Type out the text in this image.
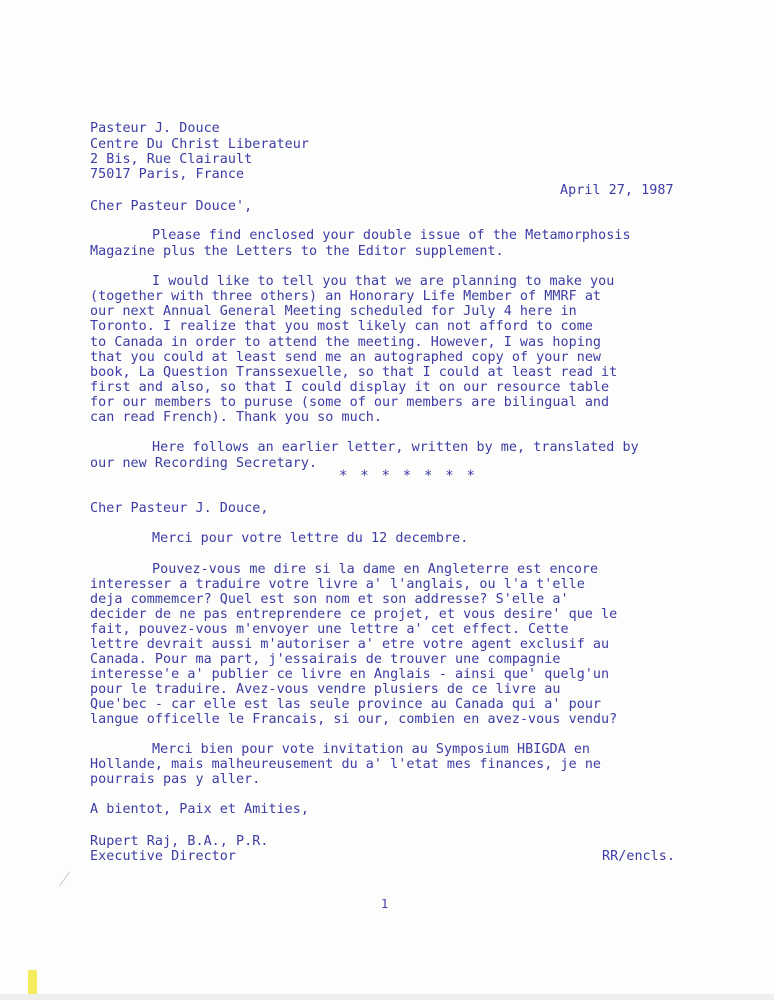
Pasteur J. Douce
Centre Du Christ Liberateur
2 Bis, Rue Clairault
75017 Paris, France
April 27, 1987
Cher Pasteur Douce',
Please find enclosed your double issue of the Metamorphosis
Magazine plus the Letters to the Editor supplement.
I would like to tell you that we are planning to make you
(together with three others) an Honorary Life Member of MMRF at
our next Annual General Meeting scheduled for July 4 here in
Toronto. I realize that you most likely can not afford to come
to Canada in order to attend the meeting. However, I was hoping
that you could at least send me an autographed copy of your new
book, La Question Transsexuelle, so that I could at least read it
first and also, so that I could display it on our resource table
for our members to puruse (some of our members are bilingual and
can read French). Thank you so much.
Here follows an earlier letter, written by me, translated by
our new Recording Secretary.
* * * * * * *
Cher Pasteur J. Douce,
Merci pour votre lettre du 12 decembre.
Pouvez-vous me dire si la dame en Angleterre est encore
interesser a traduire votre livre a' l'anglais, ou l'a t'elle
deja commemcer? Quel est son nom et son addresse? S'elle a'
decider de ne pas entreprendere ce projet, et vous desire' que le
fait, pouvez-vous m'envoyer une lettre a' cet effect. Cette
lettre devrait aussi m'autoriser a' etre votre agent exclusif au
Canada. Pour ma part, j'essairais de trouver une compagnie
interesse'e a' publier ce livre en Anglais - ainsi que' quelg'un
pour le traduire. Avez-vous vendre plusiers de ce livre au
Que'bec - car elle est las seule province au Canada qui a' pour
langue officelle le Francais, si our, combien en avez-vous vendu?
Merci bien pour vote invitation au Symposium HBIGDA en
Hollande, mais malheureusement du a' l'etat mes finances, je ne
pourrais pas y aller.
A bientot, Paix et Amities,
Rupert Raj, B.A., P.R.
Executive Director	RR/encls.
1
